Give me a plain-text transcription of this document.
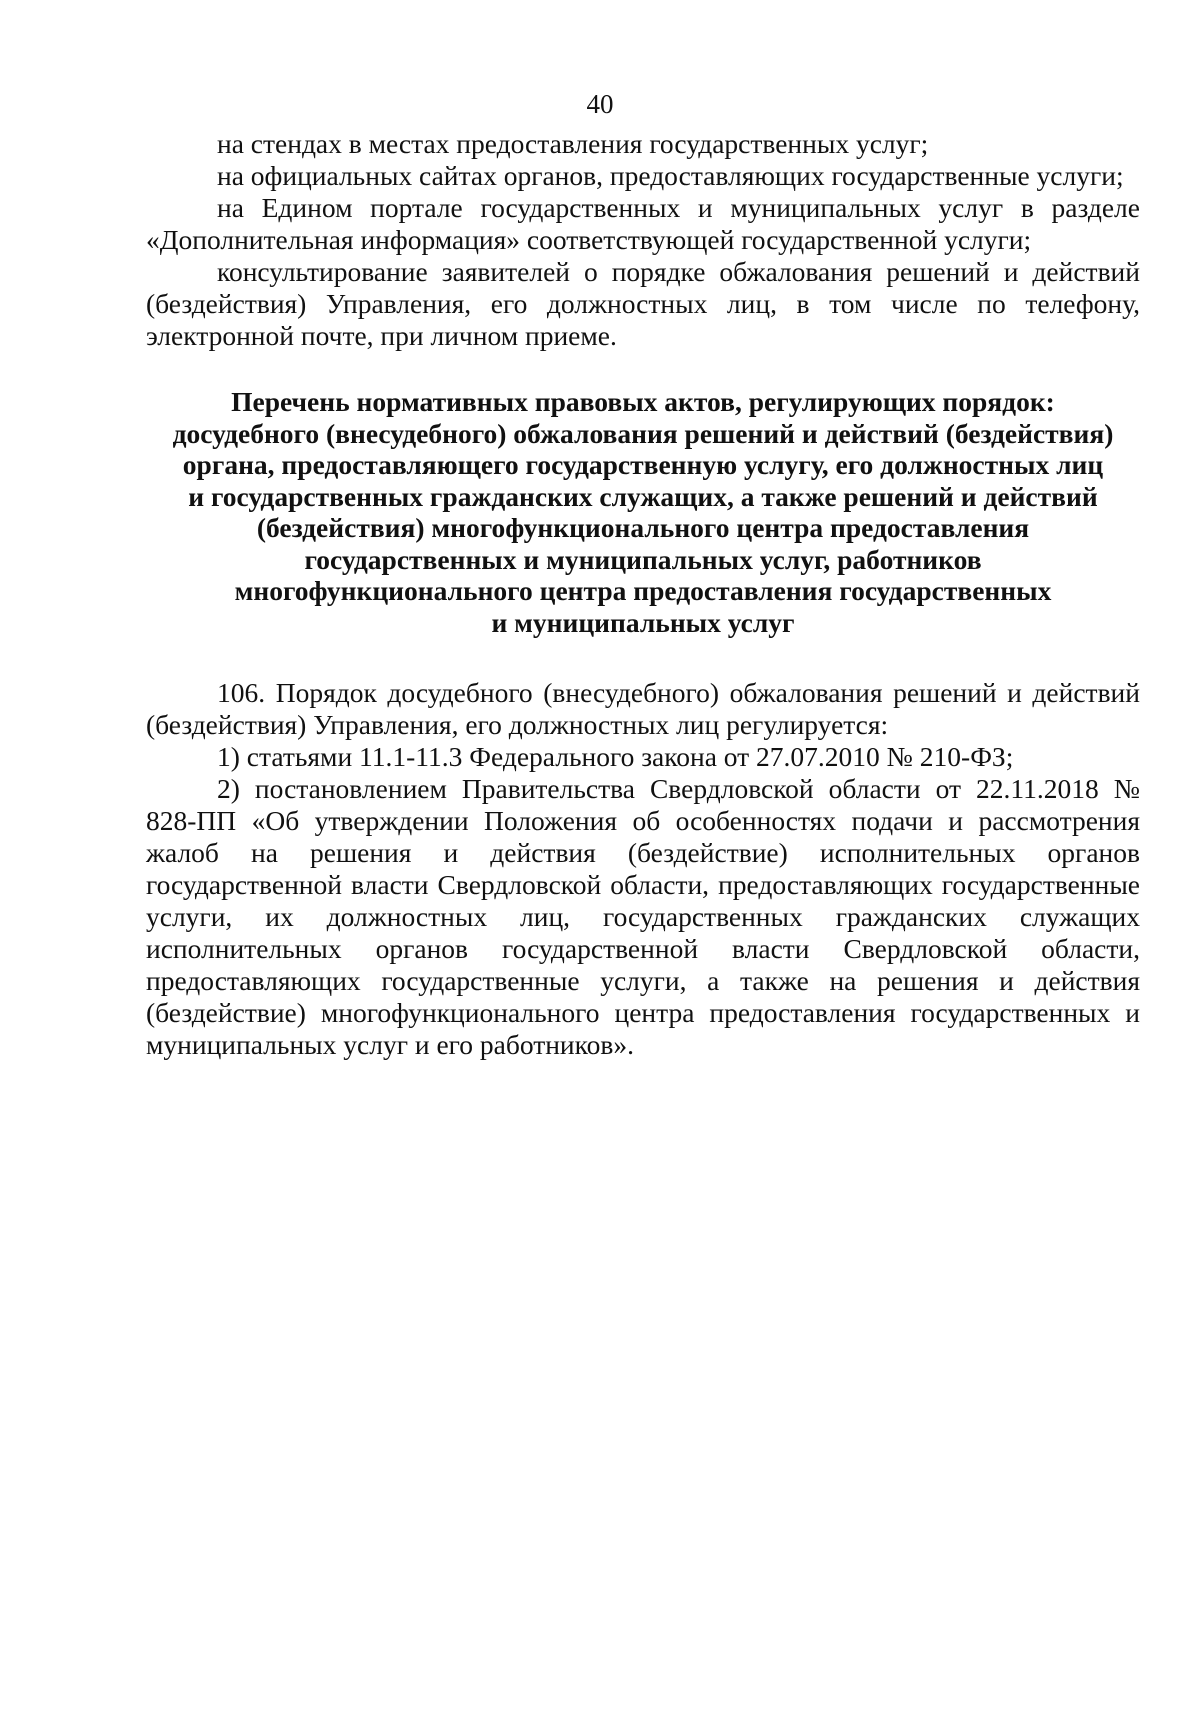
40

на стендах в местах предоставления государственных услуг;

на официальных сайтах органов, предоставляющих государственные услуги;

на Едином портале государственных и муниципальных услуг в разделе «Дополнительная информация» соответствующей государственной услуги;

консультирование заявителей о порядке обжалования решений и действий (бездействия) Управления, его должностных лиц, в том числе по телефону, электронной почте, при личном приеме.

Перечень нормативных правовых актов, регулирующих порядок:
досудебного (внесудебного) обжалования решений и действий (бездействия)
органа, предоставляющего государственную услугу, его должностных лиц
и государственных гражданских служащих, а также решений и действий
(бездействия) многофункционального центра предоставления
государственных и муниципальных услуг, работников
многофункционального центра предоставления государственных
и муниципальных услуг

106. Порядок досудебного (внесудебного) обжалования решений и действий (бездействия) Управления, его должностных лиц регулируется:

1) статьями 11.1-11.3 Федерального закона от 27.07.2010 № 210-ФЗ;

2) постановлением Правительства Свердловской области от 22.11.2018 № 828-ПП «Об утверждении Положения об особенностях подачи и рассмотрения жалоб на решения и действия (бездействие) исполнительных органов государственной власти Свердловской области, предоставляющих государственные услуги, их должностных лиц, государственных гражданских служащих исполнительных органов государственной власти Свердловской области, предоставляющих государственные услуги, а также на решения и действия (бездействие) многофункционального центра предоставления государственных и муниципальных услуг и его работников».
